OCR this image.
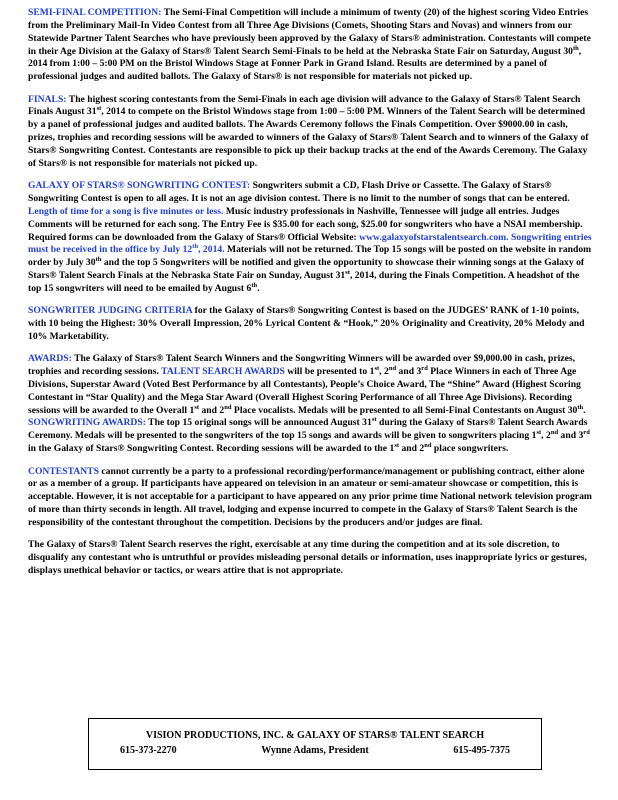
SEMI-FINAL COMPETITION: The Semi-Final Competition will include a minimum of twenty (20) of the highest scoring Video Entries from the Preliminary Mail-In Video Contest from all Three Age Divisions (Comets, Shooting Stars and Novas) and winners from our Statewide Partner Talent Searches who have previously been approved by the Galaxy of Stars® administration. Contestants will compete in their Age Division at the Galaxy of Stars® Talent Search Semi-Finals to be held at the Nebraska State Fair on Saturday, August 30th, 2014 from 1:00 – 5:00 PM on the Bristol Windows Stage at Fonner Park in Grand Island. Results are determined by a panel of professional judges and audited ballots. The Galaxy of Stars® is not responsible for materials not picked up.

FINALS: The highest scoring contestants from the Semi-Finals in each age division will advance to the Galaxy of Stars® Talent Search Finals August 31st, 2014 to compete on the Bristol Windows stage from 1:00 – 5:00 PM. Winners of the Talent Search will be determined by a panel of professional judges and audited ballots. The Awards Ceremony follows the Finals Competition. Over $9000.00 in cash, prizes, trophies and recording sessions will be awarded to winners of the Galaxy of Stars® Talent Search and to winners of the Galaxy of Stars® Songwriting Contest. Contestants are responsible to pick up their backup tracks at the end of the Awards Ceremony. The Galaxy of Stars® is not responsible for materials not picked up.

GALAXY OF STARS® SONGWRITING CONTEST: Songwriters submit a CD, Flash Drive or Cassette. The Galaxy of Stars® Songwriting Contest is open to all ages. It is not an age division contest. There is no limit to the number of songs that can be entered. Length of time for a song is five minutes or less. Music industry professionals in Nashville, Tennessee will judge all entries. Judges Comments will be returned for each song. The Entry Fee is $35.00 for each song, $25.00 for songwriters who have a NSAI membership. Required forms can be downloaded from the Galaxy of Stars® Official Website: www.galaxyofstarstalentsearch.com. Songwriting entries must be received in the office by July 12th, 2014. Materials will not be returned. The Top 15 songs will be posted on the website in random order by July 30th and the top 5 Songwriters will be notified and given the opportunity to showcase their winning songs at the Galaxy of Stars® Talent Search Finals at the Nebraska State Fair on Sunday, August 31st, 2014, during the Finals Competition. A headshot of the top 15 songwriters will need to be emailed by August 6th.

SONGWRITER JUDGING CRITERIA for the Galaxy of Stars® Songwriting Contest is based on the JUDGES’ RANK of 1-10 points, with 10 being the Highest: 30% Overall Impression, 20% Lyrical Content & “Hook,” 20% Originality and Creativity, 20% Melody and 10% Marketability.

AWARDS: The Galaxy of Stars® Talent Search Winners and the Songwriting Winners will be awarded over $9,000.00 in cash, prizes, trophies and recording sessions. TALENT SEARCH AWARDS will be presented to 1st, 2nd and 3rd Place Winners in each of Three Age Divisions, Superstar Award (Voted Best Performance by all Contestants), People’s Choice Award, The “Shine” Award (Highest Scoring Contestant in “Star Quality) and the Mega Star Award (Overall Highest Scoring Performance of all Three Age Divisions). Recording sessions will be awarded to the Overall 1st and 2nd Place vocalists. Medals will be presented to all Semi-Final Contestants on August 30th. SONGWRITING AWARDS: The top 15 original songs will be announced August 31st during the Galaxy of Stars® Talent Search Awards Ceremony. Medals will be presented to the songwriters of the top 15 songs and awards will be given to songwriters placing 1st, 2nd and 3rd in the Galaxy of Stars® Songwriting Contest. Recording sessions will be awarded to the 1st and 2nd place songwriters.

CONTESTANTS cannot currently be a party to a professional recording/performance/management or publishing contract, either alone or as a member of a group. If participants have appeared on television in an amateur or semi-amateur showcase or competition, this is acceptable. However, it is not acceptable for a participant to have appeared on any prior prime time National network television program of more than thirty seconds in length. All travel, lodging and expense incurred to compete in the Galaxy of Stars® Talent Search is the responsibility of the contestant throughout the competition. Decisions by the producers and/or judges are final.

The Galaxy of Stars® Talent Search reserves the right, exercisable at any time during the competition and at its sole discretion, to disqualify any contestant who is untruthful or provides misleading personal details or information, uses inappropriate lyrics or gestures, displays unethical behavior or tactics, or wears attire that is not appropriate.

VISION PRODUCTIONS, INC. & GALAXY OF STARS® TALENT SEARCH
615-373-2270	Wynne Adams, President	615-495-7375
